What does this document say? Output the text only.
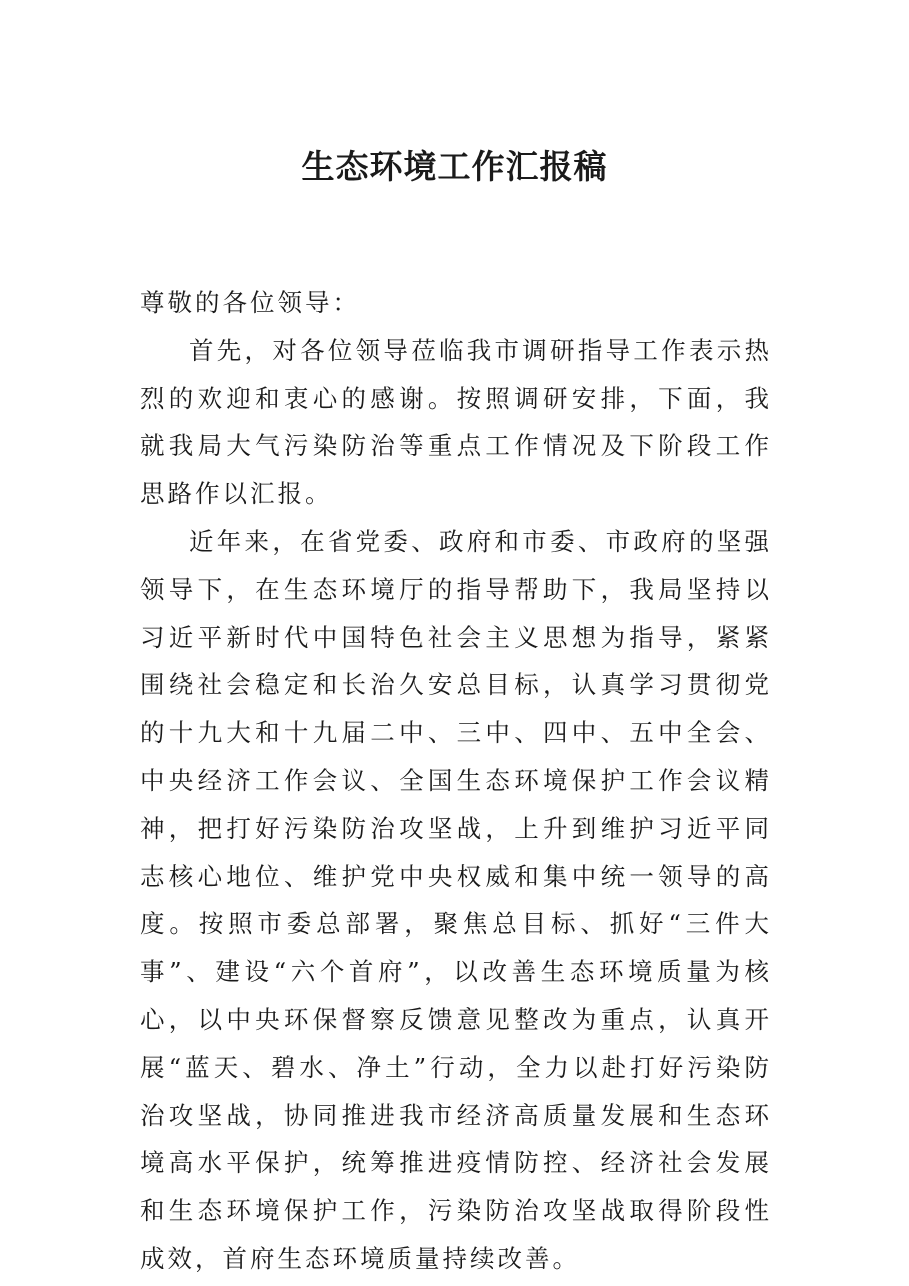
生态环境工作汇报稿

尊敬的各位领导：

首先，对各位领导莅临我市调研指导工作表示热烈的欢迎和衷心的感谢。按照调研安排，下面，我就我局大气污染防治等重点工作情况及下阶段工作思路作以汇报。

近年来，在省党委、政府和市委、市政府的坚强领导下，在生态环境厅的指导帮助下，我局坚持以习近平新时代中国特色社会主义思想为指导，紧紧围绕社会稳定和长治久安总目标，认真学习贯彻党的十九大和十九届二中、三中、四中、五中全会、中央经济工作会议、全国生态环境保护工作会议精神，把打好污染防治攻坚战，上升到维护习近平同志核心地位、维护党中央权威和集中统一领导的高度。按照市委总部署，聚焦总目标、抓好“三件大事”、建设“六个首府”，以改善生态环境质量为核心，以中央环保督察反馈意见整改为重点，认真开展“蓝天、碧水、净土”行动，全力以赴打好污染防治攻坚战，协同推进我市经济高质量发展和生态环境高水平保护，统筹推进疫情防控、经济社会发展和生态环境保护工作，污染防治攻坚战取得阶段性成效，首府生态环境质量持续改善。
